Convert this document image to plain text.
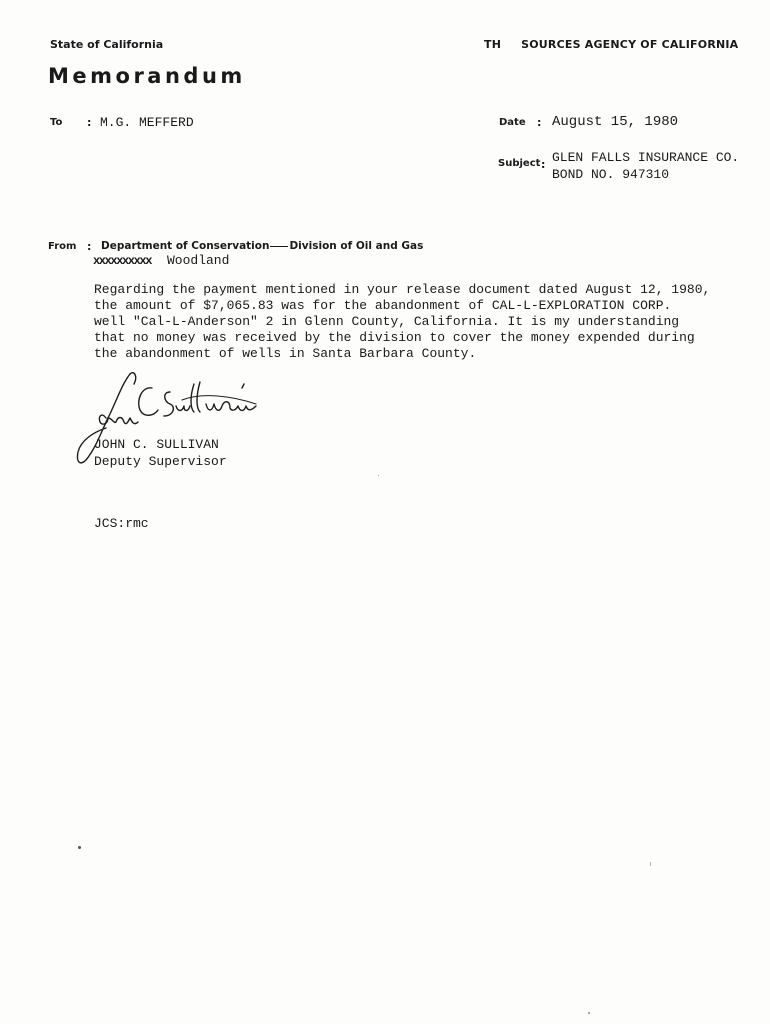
State of California	TH SOURCES AGENCY OF CALIFORNIA
Memorandum
To : M.G. MEFFERD	Date : August 15, 1980
Subject : GLEN FALLS INSURANCE CO.
BOND NO. 947310
From : Department of Conservation Division of Oil and Gas
xxxxxxxxxx Woodland
Regarding the payment mentioned in your release document dated August 12, 1980,
the amount of $7,065.83 was for the abandonment of CAL-L-EXPLORATION CORP.
well "Cal-L-Anderson" 2 in Glenn County, California. It is my understanding
that no money was received by the division to cover the money expended during
the abandonment of wells in Santa Barbara County.
JOHN C. SULLIVAN
Deputy Supervisor
JCS:rmc
